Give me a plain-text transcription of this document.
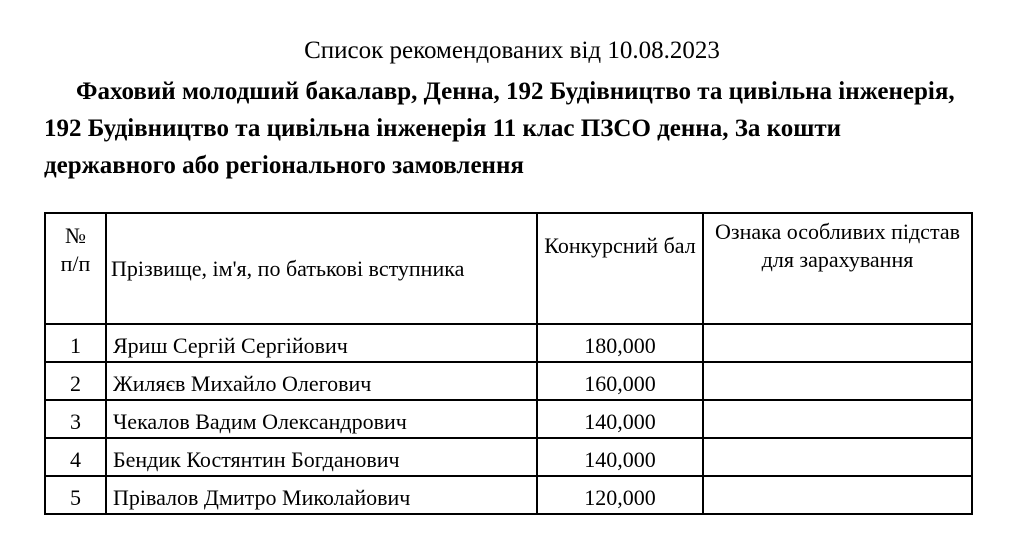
Список рекомендованих від 10.08.2023
Фаховий молодший бакалавр, Денна, 192 Будівництво та цивільна інженерія, 192 Будівництво та цивільна інженерія 11 клас ПЗСО денна, За кошти державного або регіонального замовлення
№
п/п	Прізвище, ім'я, по батькові вступника	Конкурсний бал	Ознака особливих підстав для зарахування
1	Яриш Сергій Сергійович	180,000	
2	Жиляєв Михайло Олегович	160,000	
3	Чекалов Вадим Олександрович	140,000	
4	Бендик Костянтин Богданович	140,000	
5	Прівалов Дмитро Миколайович	120,000	
